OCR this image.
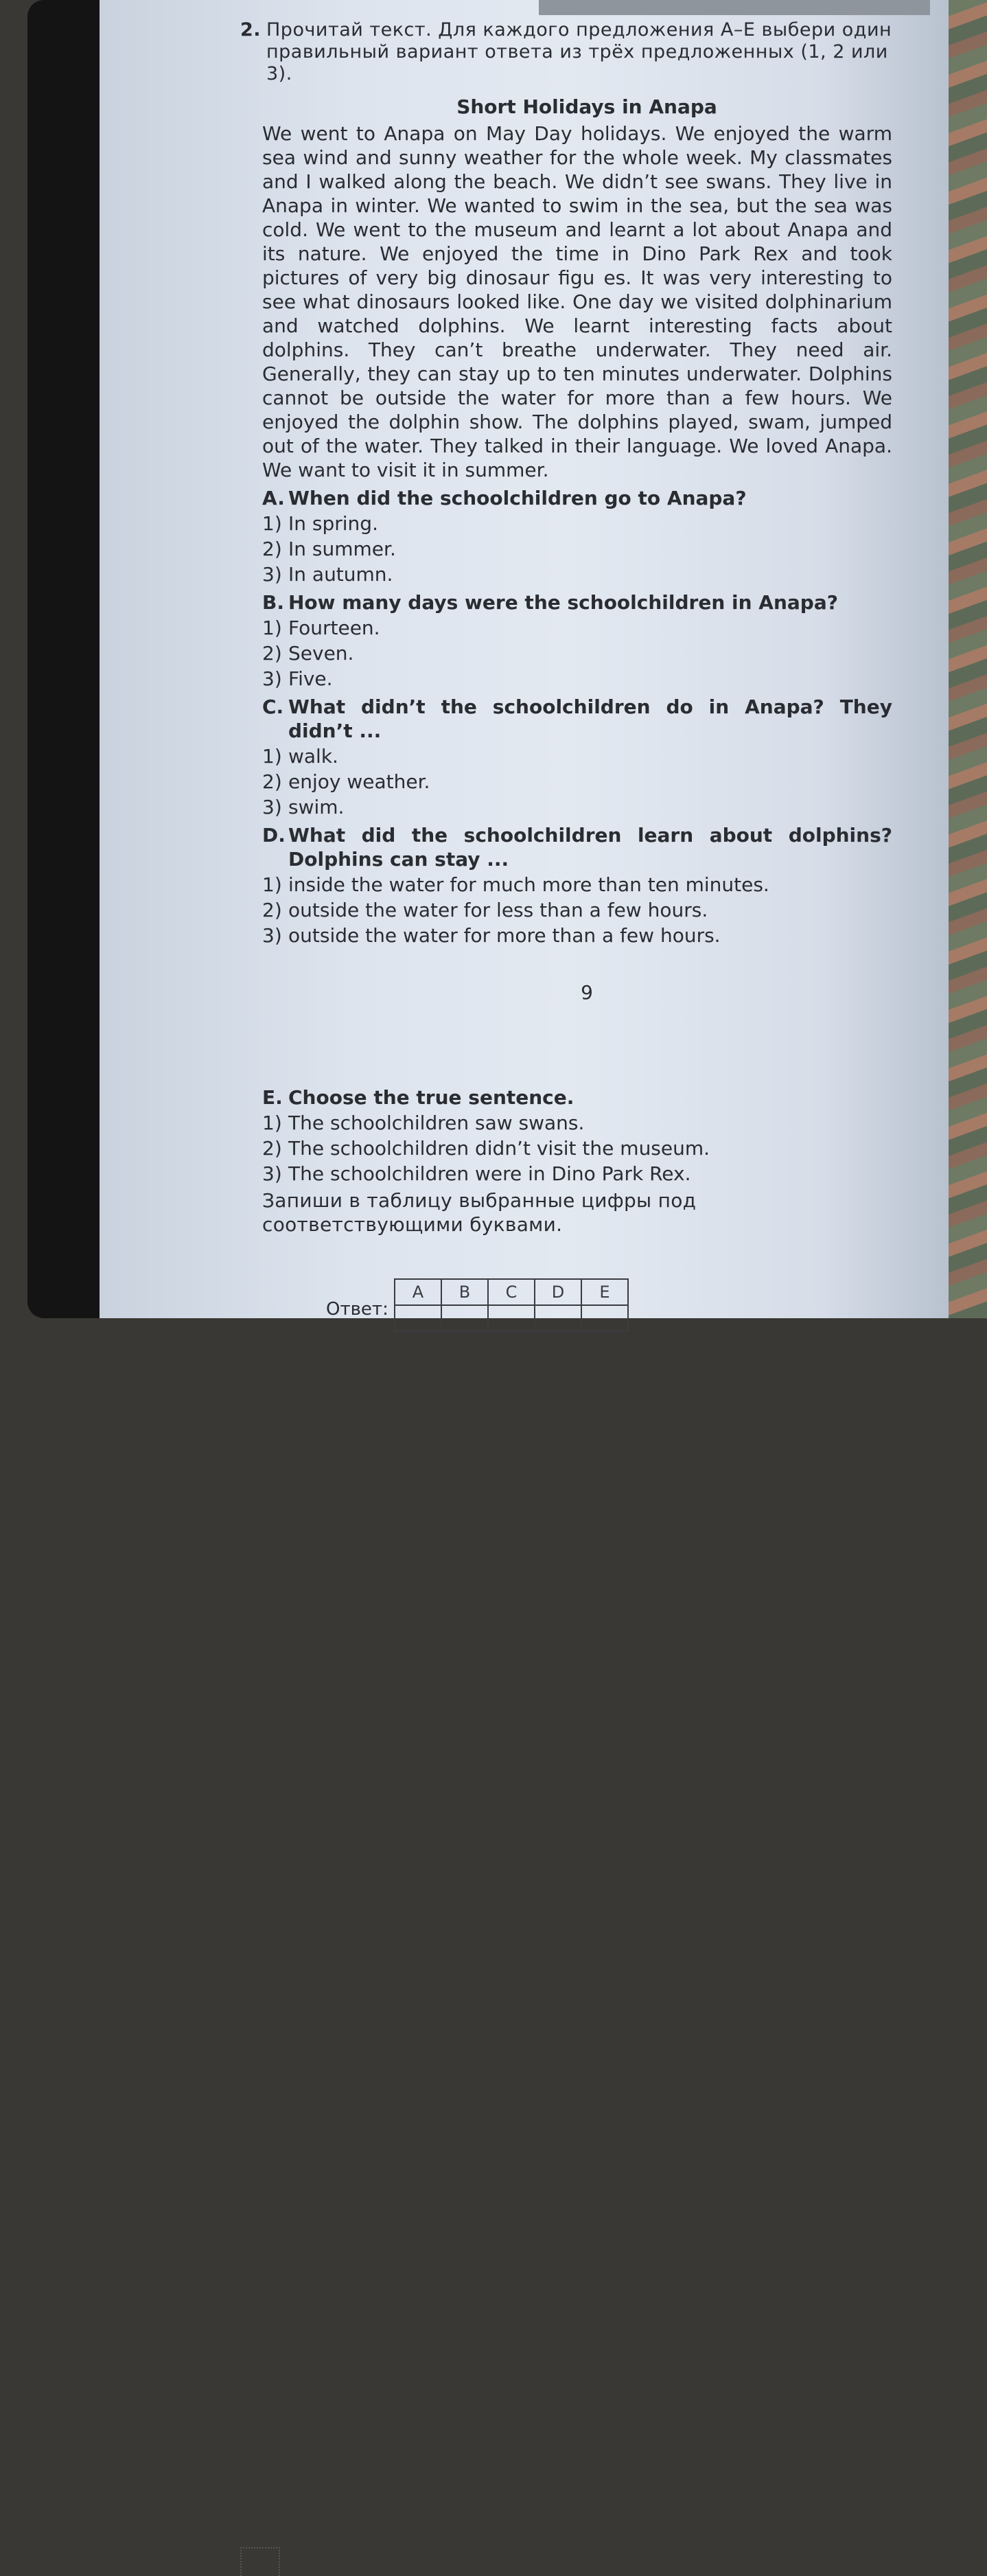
2. Прочитай текст. Для каждого предложения A–E выбери один правильный вариант ответа из трёх предложенных (1, 2 или 3).
Short Holidays in Anapa

We went to Anapa on May Day holidays. We enjoyed the warm sea wind and sunny weather for the whole week. My classmates and I walked along the beach. We didn’t see swans. They live in Anapa in winter. We wanted to swim in the sea, but the sea was cold. We went to the museum and learnt a lot about Anapa and its nature. We enjoyed the time in Dino Park Rex and took pictures of very big dinosaur figu es. It was very interesting to see what dinosaurs looked like. One day we visited dolphinarium and watched dolphins. We learnt interesting facts about dolphins. They can’t breathe underwater. They need air. Generally, they can stay up to ten minutes underwater. Dolphins cannot be outside the water for more than a few hours. We enjoyed the dolphin show. The dolphins played, swam, jumped out of the water. They talked in their language. We loved Anapa. We want to visit it in summer.

A. When did the schoolchildren go to Anapa?
1) In spring.
2) In summer.
3) In autumn.
B. How many days were the schoolchildren in Anapa?
1) Fourteen.
2) Seven.
3) Five.
C. What didn’t the schoolchildren do in Anapa? They didn’t ...
1) walk.
2) enjoy weather.
3) swim.
D. What did the schoolchildren learn about dolphins? Dolphins can stay ...
1) inside the water for much more than ten minutes.
2) outside the water for less than a few hours.
3) outside the water for more than a few hours.
9
E. Choose the true sentence.
1) The schoolchildren saw swans.
2) The schoolchildren didn’t visit the museum.
3) The schoolchildren were in Dino Park Rex.
Запиши в таблицу выбранные цифры под соответствующими буквами.
Ответ:
A	B	C	D	E
